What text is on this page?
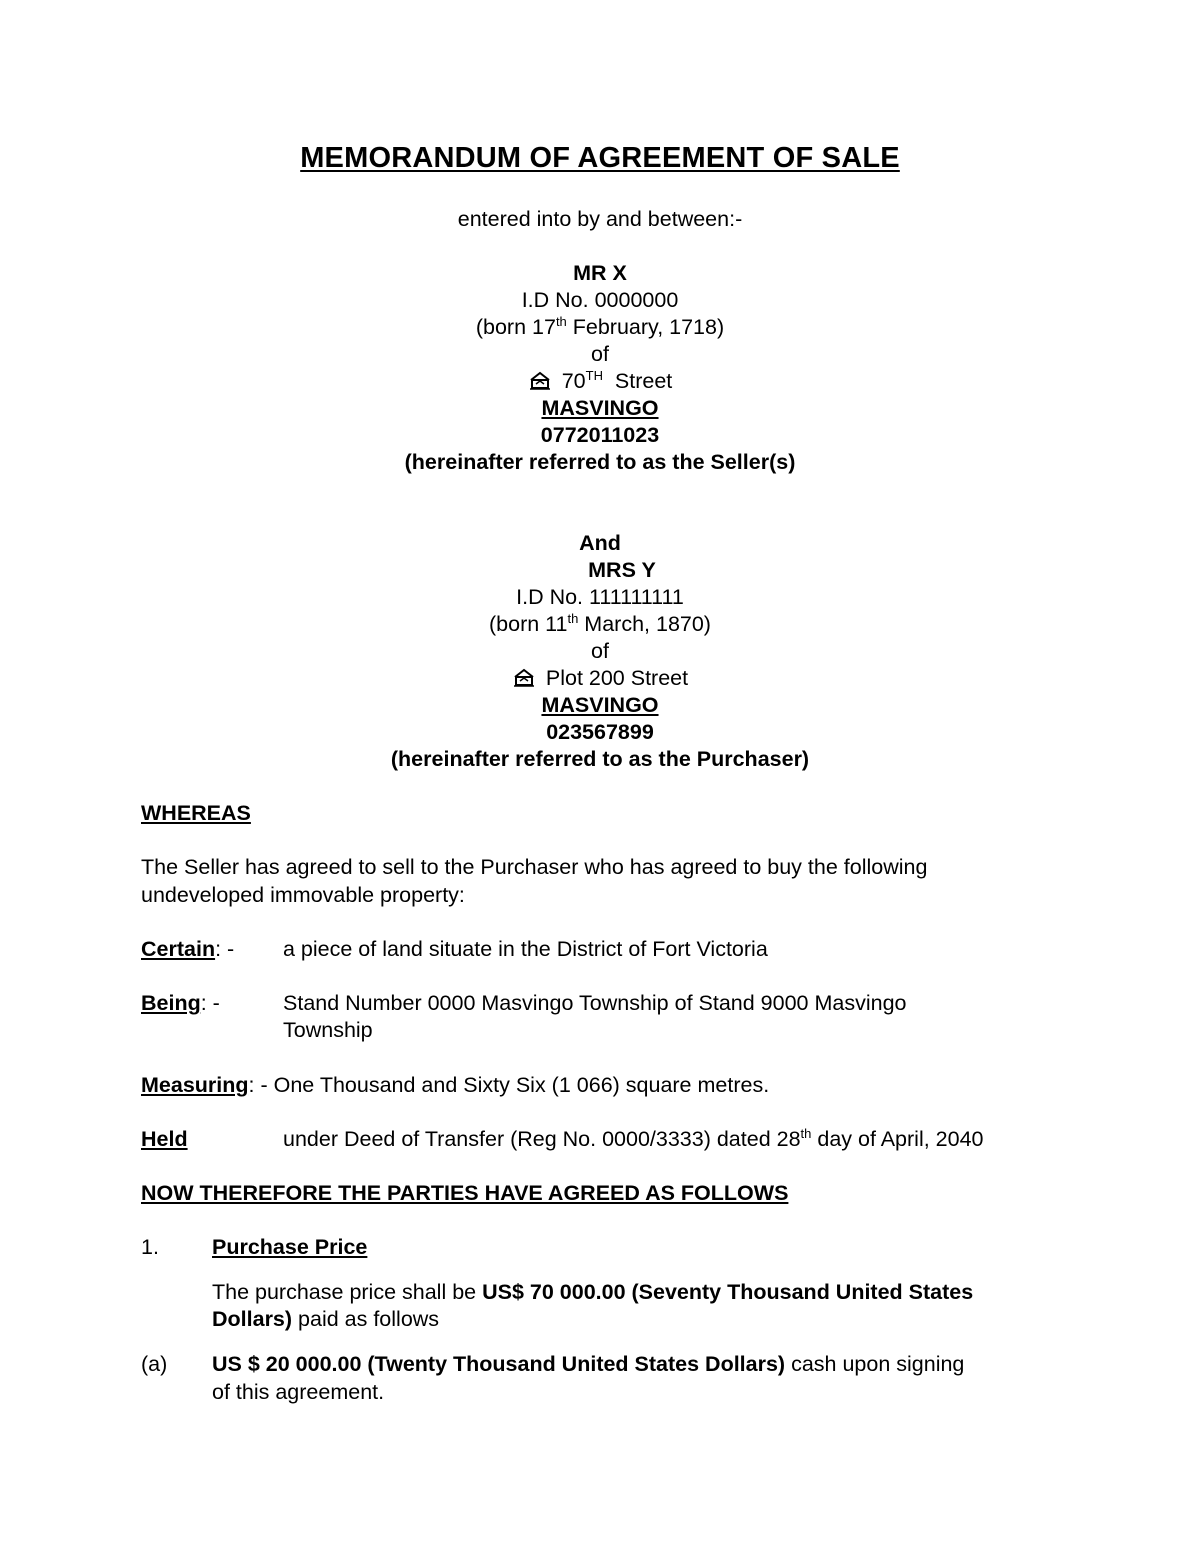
MEMORANDUM OF AGREEMENT OF SALE
entered into by and between:-
MR X
I.D No. 0000000
(born 17th February, 1718)
of
70TH  Street
MASVINGO
0772011023
(hereinafter referred to as the Seller(s)
And
MRS Y
I.D No. 111111111
(born 11th March, 1870)
of
Plot 200 Street
MASVINGO
023567899
(hereinafter referred to as the Purchaser)
WHEREAS
The Seller has agreed to sell to the Purchaser who has agreed to buy the following
undeveloped immovable property:
Certain: - a piece of land situate in the District of Fort Victoria
Being: -	Stand Number 0000 Masvingo Township of Stand 9000 Masvingo
Township
Measuring: - One Thousand and Sixty Six (1 066) square metres.
Held	under Deed of Transfer (Reg No. 0000/3333) dated 28th day of April, 2040
NOW THEREFORE THE PARTIES HAVE AGREED AS FOLLOWS
1. Purchase Price
The purchase price shall be US$ 70 000.00 (Seventy Thousand United States
Dollars) paid as follows
(a) US $ 20 000.00 (Twenty Thousand United States Dollars) cash upon signing
of this agreement.
